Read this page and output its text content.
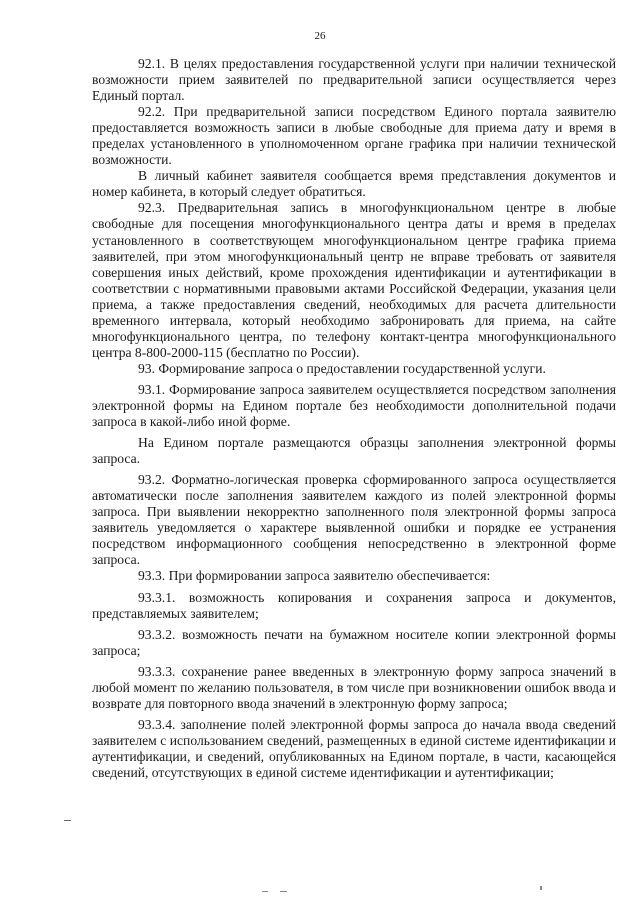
26

92.1. В целях предоставления государственной услуги при наличии технической возможности прием заявителей по предварительной записи осуществляется через Единый портал.

92.2. При предварительной записи посредством Единого портала заявителю предоставляется возможность записи в любые свободные для приема дату и время в пределах установленного в уполномоченном органе графика при наличии технической возможности.

В личный кабинет заявителя сообщается время представления документов и номер кабинета, в который следует обратиться.

92.3. Предварительная запись в многофункциональном центре в любые свободные для посещения многофункционального центра даты и время в пределах установленного в соответствующем многофункциональном центре графика приема заявителей, при этом многофункциональный центр не вправе требовать от заявителя совершения иных действий, кроме прохождения идентификации и аутентификации в соответствии с нормативными правовыми актами Российской Федерации, указания цели приема, а также предоставления сведений, необходимых для расчета длительности временного интервала, который необходимо забронировать для приема, на сайте многофункционального центра, по телефону контакт-центра многофункционального центра 8-800-2000-115 (бесплатно по России).

93. Формирование запроса о предоставлении государственной услуги.

93.1. Формирование запроса заявителем осуществляется посредством заполнения электронной формы на Едином портале без необходимости дополнительной подачи запроса в какой-либо иной форме.

На Едином портале размещаются образцы заполнения электронной формы запроса.

93.2. Форматно-логическая проверка сформированного запроса осуществляется автоматически после заполнения заявителем каждого из полей электронной формы запроса. При выявлении некорректно заполненного поля электронной формы запроса заявитель уведомляется о характере выявленной ошибки и порядке ее устранения посредством информационного сообщения непосредственно в электронной форме запроса.

93.3. При формировании запроса заявителю обеспечивается:

93.3.1. возможность копирования и сохранения запроса и документов, представляемых заявителем;

93.3.2. возможность печати на бумажном носителе копии электронной формы запроса;

93.3.3. сохранение ранее введенных в электронную форму запроса значений в любой момент по желанию пользователя, в том числе при возникновении ошибок ввода и возврате для повторного ввода значений в электронную форму запроса;

93.3.4. заполнение полей электронной формы запроса до начала ввода сведений заявителем с использованием сведений, размещенных в единой системе идентификации и аутентификации, и сведений, опубликованных на Едином портале, в части, касающейся сведений, отсутствующих в единой системе идентификации и аутентификации;
